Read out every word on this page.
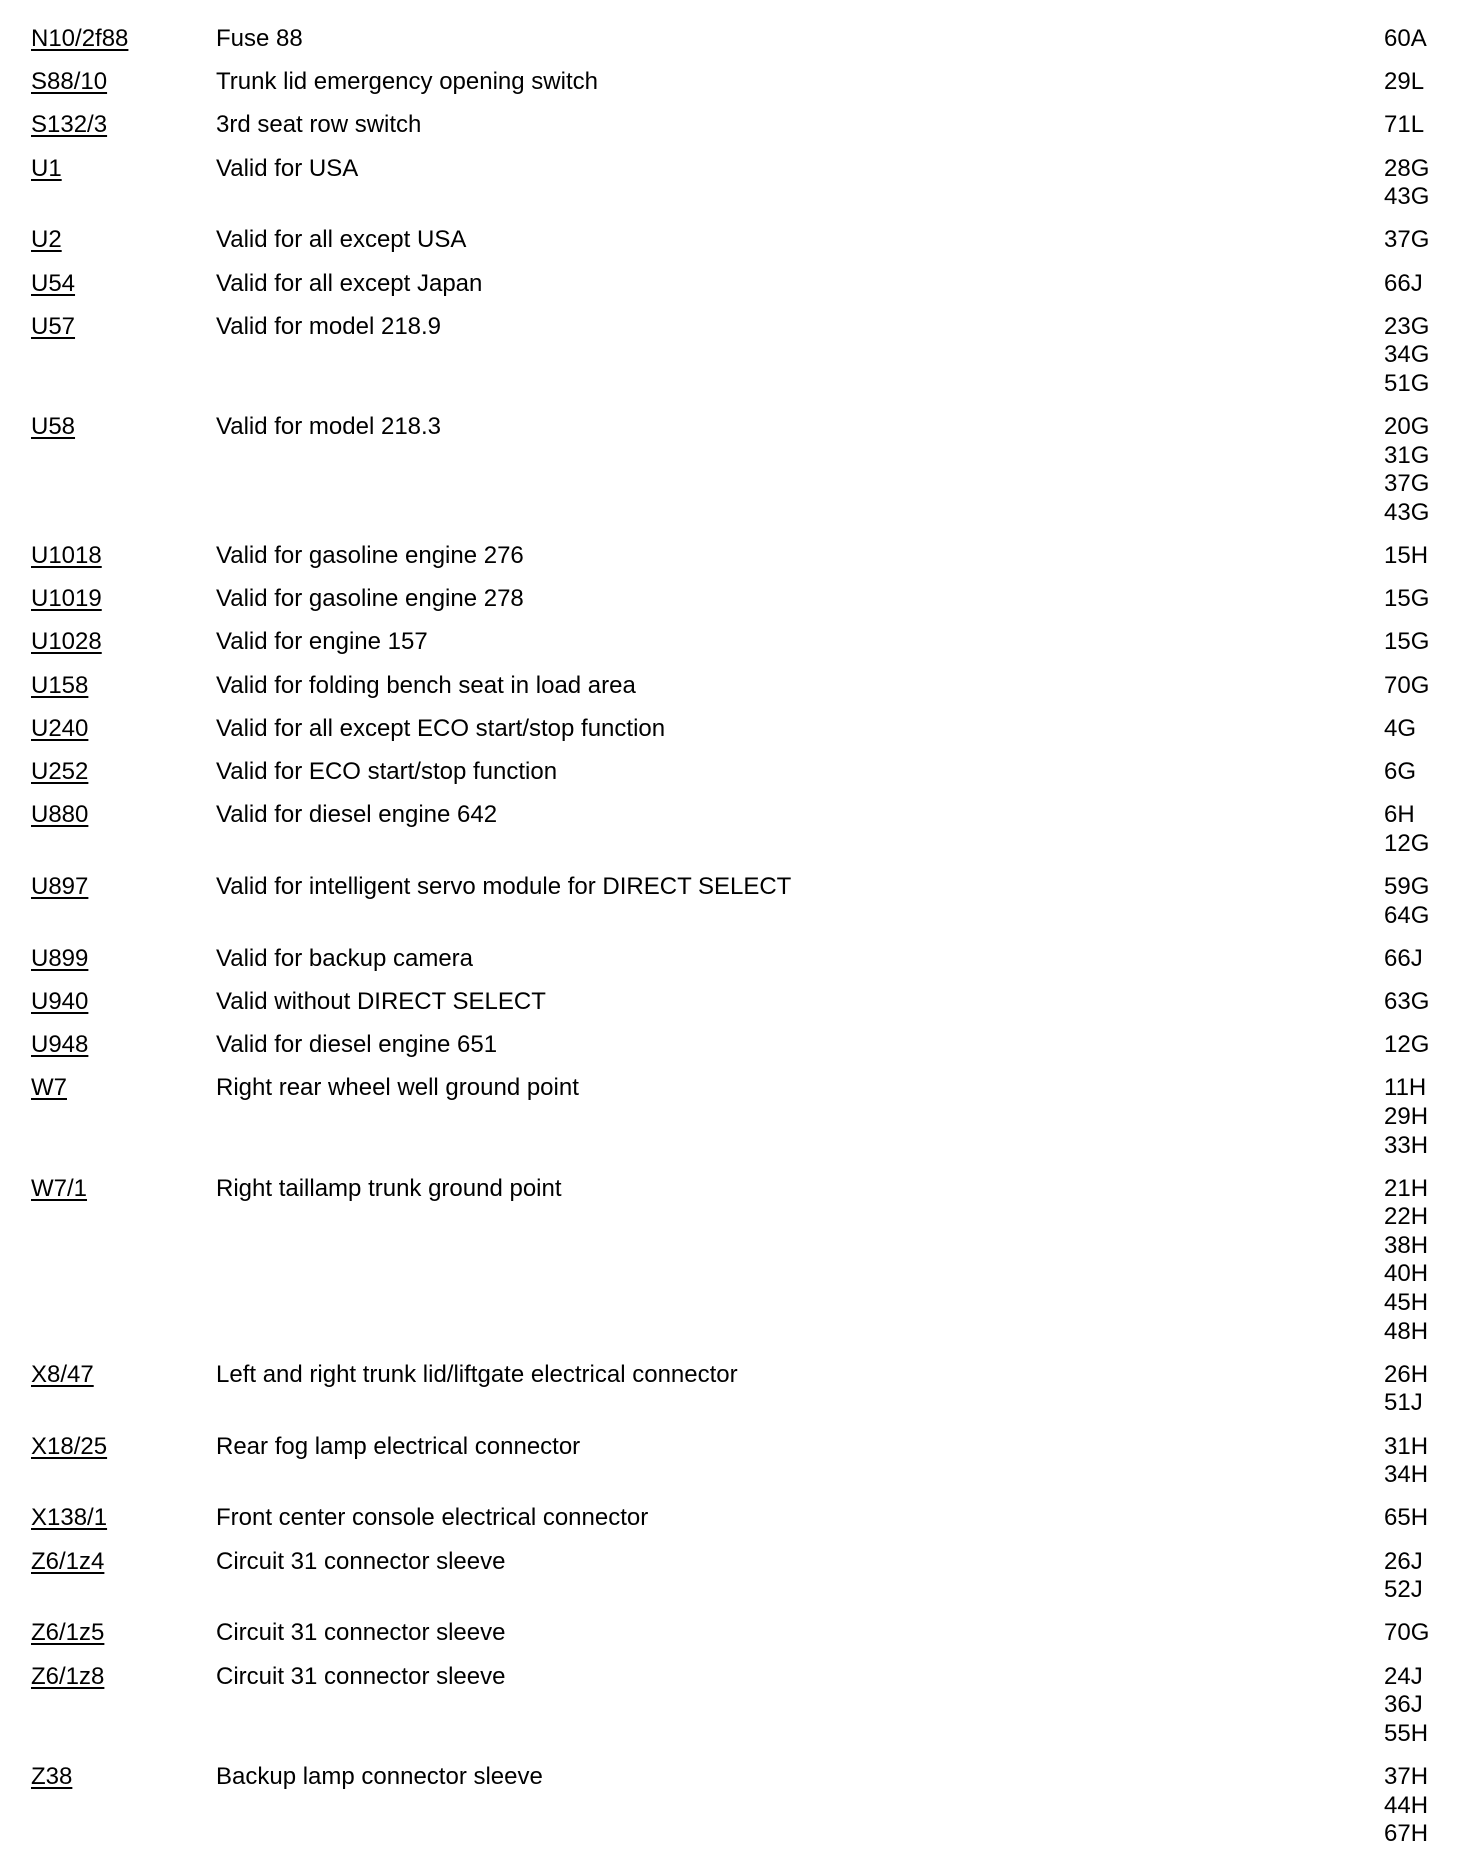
N10/2f88	Fuse 88	60A
S88/10	Trunk lid emergency opening switch	29L
S132/3	3rd seat row switch	71L
U1	Valid for USA	28G
43G
U2	Valid for all except USA	37G
U54	Valid for all except Japan	66J
U57	Valid for model 218.9	23G
34G
51G
U58	Valid for model 218.3	20G
31G
37G
43G
U1018	Valid for gasoline engine 276	15H
U1019	Valid for gasoline engine 278	15G
U1028	Valid for engine 157	15G
U158	Valid for folding bench seat in load area	70G
U240	Valid for all except ECO start/stop function	4G
U252	Valid for ECO start/stop function	6G
U880	Valid for diesel engine 642	6H
12G
U897	Valid for intelligent servo module for DIRECT SELECT	59G
64G
U899	Valid for backup camera	66J
U940	Valid without DIRECT SELECT	63G
U948	Valid for diesel engine 651	12G
W7	Right rear wheel well ground point	11H
29H
33H
W7/1	Right taillamp trunk ground point	21H
22H
38H
40H
45H
48H
X8/47	Left and right trunk lid/liftgate electrical connector	26H
51J
X18/25	Rear fog lamp electrical connector	31H
34H
X138/1	Front center console electrical connector	65H
Z6/1z4	Circuit 31 connector sleeve	26J
52J
Z6/1z5	Circuit 31 connector sleeve	70G
Z6/1z8	Circuit 31 connector sleeve	24J
36J
55H
Z38	Backup lamp connector sleeve	37H
44H
67H
